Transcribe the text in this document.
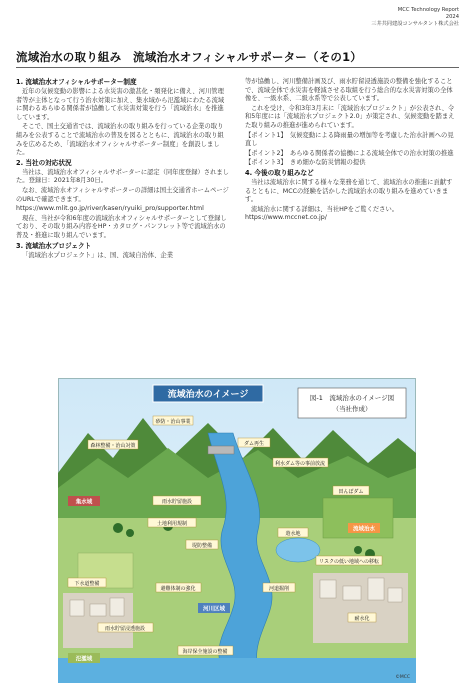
MCC Technology Report
2024
三井共同建設コンサルタント株式会社
流域治水の取り組み　流域治水オフィシャルサポーター（その1）
1. 流域治水オフィシャルサポーター制度

近年の気候変動の影響による水災害の激甚化・頻発化に備え、河川管理者等が主体となって行う治水対策に加え、集水域から氾濫域にわたる流域に関わるあらゆる関係者が協働して水災害対策を行う「流域治水」を推進しています。

そこで、国土交通省では、流域治水の取り組みを行っている企業の取り組みを公表することで流域治水の普及を図るとともに、流域治水の取り組みを広めるため、「流域治水オフィシャルサポーター制度」を創設しました。

2. 当社の対応状況

当社は、流域治水オフィシャルサポーターに認定（同年度登録）されました。登録日：2021年8月30日。

なお、流域治水オフィシャルサポーターの詳細は国土交通省ホームページのURLで確認できます。

https://www.mlit.go.jp/river/kasen/ryuiki_pro/supporter.html

現在、当社が令和6年度の流域治水オフィシャルサポーターとして登録しており、その取り組み内容をHP・カタログ・パンフレット等で流域治水の普及・推進に取り組んでいます。

3. 流域治水プロジェクト

「流域治水プロジェクト」は、国、流域自治体、企業

等が協働し、河川整備計画及び、雨水貯留浸透施設の整備を強化することで、流域全体で水災害を軽減させる取組を行う総合的な水災害対策の全体像を、一級水系、二級水系等で公表しています。

これを受け、令和3年3月末に「流域治水プロジェクト」が公表され、令和5年度には「流域治水プロジェクト2.0」が策定され、気候変動を踏まえた取り組みの推進が進められています。

【ポイント1】　気候変動による降雨量の増加等を考慮した治水計画への見直し

【ポイント2】　あらゆる関係者の協働による流域全体での治水対策の推進

【ポイント3】　きめ細かな防災情報の提供

4. 今後の取り組みなど

当社は流域治水に関する様々な業務を通じて、流域治水の推進に貢献するとともに、MCCの経験を活かした流域治水の取り組みを進めていきます。

流域治水に関する詳細は、当社HPをご覧ください。https://www.mccnet.co.jp/

流域治水のイメージ	図-1　流域治水のイメージ図
（当社作成）
砂防・治山事業
森林整備・治山対策	ダム再生
利水ダム等の事前放流
田んぼダム
遊水地
雨水貯留施設
土地利用規制
リスクの低い地域への移転
堤防整備
河道掘削
避難体制の強化
下水道整備
雨水貯留浸透施設
耐水化
海岸保全施設の整備
集水域
河川区域
氾濫域
流域治水
©MCC
